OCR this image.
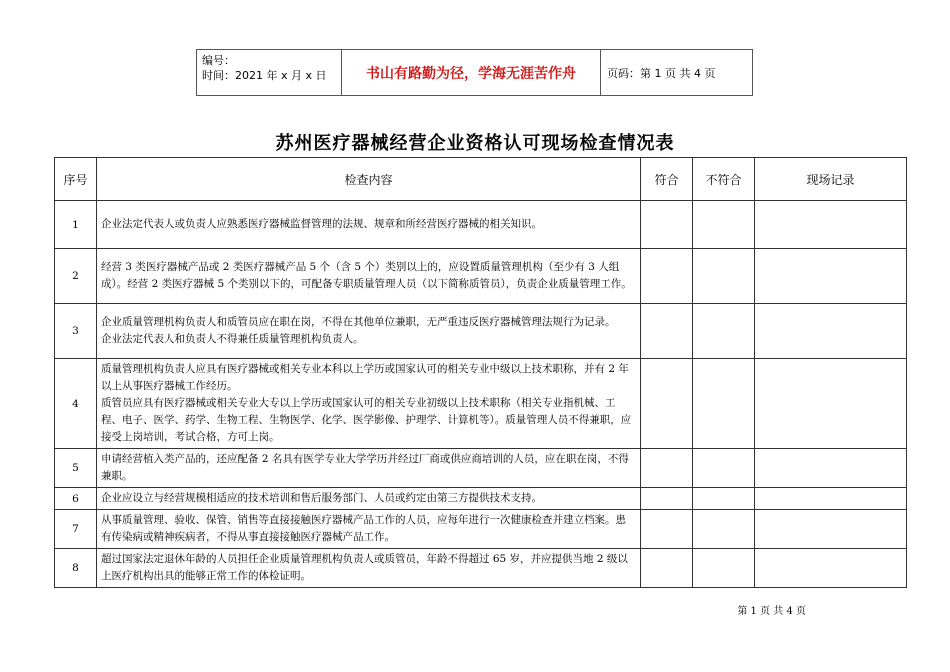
编号：
时间：2021 年 x 月 x 日	书山有路勤为径，学海无涯苦作舟	页码：第 1 页 共 4 页
苏州医疗器械经营企业资格认可现场检查情况表
序号	检查内容	符合	不符合	现场记录
1	企业法定代表人或负责人应熟悉医疗器械监督管理的法规、规章和所经营医疗器械的相关知识。			

2	经营 3 类医疗器械产品或 2 类医疗器械产品 5 个（含 5 个）类别以上的，应设置质量管理机构（至少有 3 人组成）。经营 2 类医疗器械 5 个类别以下的，可配备专职质量管理人员（以下简称质管员），负责企业质量管理工作。			

3	企业质量管理机构负责人和质管员应在职在岗，不得在其他单位兼职，无严重违反医疗器械管理法规行为记录。
企业法定代表人和负责人不得兼任质量管理机构负责人。			

4	质量管理机构负责人应具有医疗器械或相关专业本科以上学历或国家认可的相关专业中级以上技术职称，并有 2 年以上从事医疗器械工作经历。
质管员应具有医疗器械或相关专业大专以上学历或国家认可的相关专业初级以上技术职称（相关专业指机械、工程、电子、医学、药学、生物工程、生物医学、化学、医学影像、护理学、计算机等）。质量管理人员不得兼职，应接受上岗培训，考试合格，方可上岗。			

5	申请经营植入类产品的，还应配备 2 名具有医学专业大学学历并经过厂商或供应商培训的人员，应在职在岗，不得兼职。			

6	企业应设立与经营规模相适应的技术培训和售后服务部门、人员或约定由第三方提供技术支持。			

7	从事质量管理、验收、保管、销售等直接接触医疗器械产品工作的人员，应每年进行一次健康检查并建立档案。患有传染病或精神疾病者，不得从事直接接触医疗器械产品工作。			

8	超过国家法定退休年龄的人员担任企业质量管理机构负责人或质管员，年龄不得超过 65 岁，并应提供当地 2 级以上医疗机构出具的能够正常工作的体检证明。			

第 1 页 共 4 页
